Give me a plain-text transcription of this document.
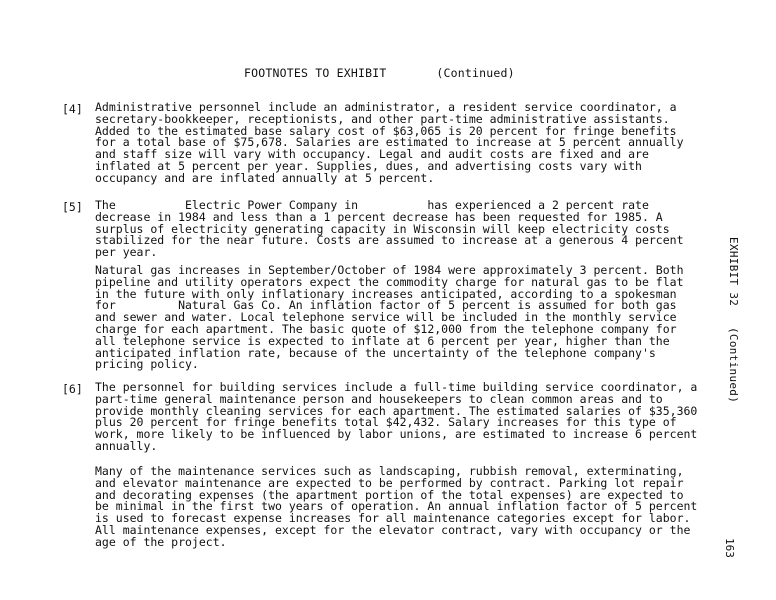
FOOTNOTES TO EXHIBIT       (Continued)
[4] Administrative personnel include an administrator, a resident service coordinator, a
secretary-bookkeeper, receptionists, and other part-time administrative assistants.
Added to the estimated base salary cost of $63,065 is 20 percent for fringe benefits
for a total base of $75,678. Salaries are estimated to increase at 5 percent annually
and staff size will vary with occupancy. Legal and audit costs are fixed and are
inflated at 5 percent per year. Supplies, dues, and advertising costs vary with
occupancy and are inflated annually at 5 percent.
[5] The          Electric Power Company in          has experienced a 2 percent rate
decrease in 1984 and less than a 1 percent decrease has been requested for 1985. A
surplus of electricity generating capacity in Wisconsin will keep electricity costs
stabilized for the near future. Costs are assumed to increase at a generous 4 percent
per year.
Natural gas increases in September/October of 1984 were approximately 3 percent. Both
pipeline and utility operators expect the commodity charge for natural gas to be flat
in the future with only inflationary increases anticipated, according to a spokesman
for         Natural Gas Co. An inflation factor of 5 percent is assumed for both gas
and sewer and water. Local telephone service will be included in the monthly service
charge for each apartment. The basic quote of $12,000 from the telephone company for
all telephone service is expected to inflate at 6 percent per year, higher than the
anticipated inflation rate, because of the uncertainty of the telephone company's
pricing policy.
[6] The personnel for building services include a full-time building service coordinator, a
part-time general maintenance person and housekeepers to clean common areas and to
provide monthly cleaning services for each apartment. The estimated salaries of $35,360
plus 20 percent for fringe benefits total $42,432. Salary increases for this type of
work, more likely to be influenced by labor unions, are estimated to increase 6 percent
annually.
Many of the maintenance services such as landscaping, rubbish removal, exterminating,
and elevator maintenance are expected to be performed by contract. Parking lot repair
and decorating expenses (the apartment portion of the total expenses) are expected to
be minimal in the first two years of operation. An annual inflation factor of 5 percent
is used to forecast expense increases for all maintenance categories except for labor.
All maintenance expenses, except for the elevator contract, vary with occupancy or the
age of the project.
EXHIBIT 32   (Continued)
163
